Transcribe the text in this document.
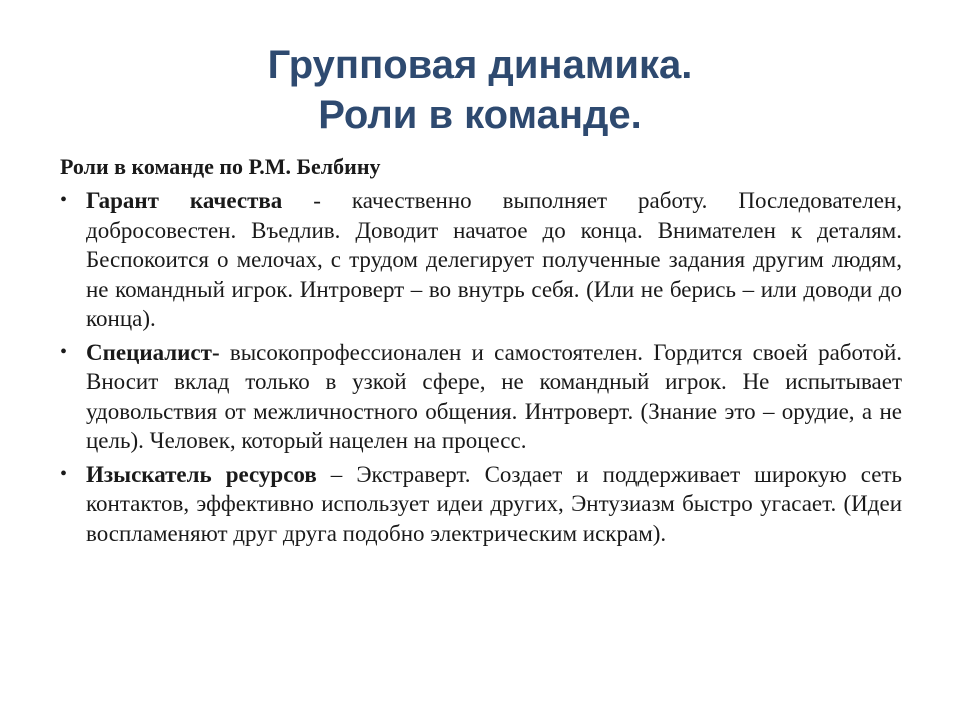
Групповая динамика.
Роли в команде.
Роли в команде по Р.М. Белбину
• Гарант качества - качественно выполняет работу. Последователен, добросовестен. Въедлив. Доводит начатое до конца. Внимателен к деталям. Беспокоится о мелочах, с трудом делегирует полученные задания другим людям, не командный игрок. Интроверт – во внутрь себя. (Или не берись – или доводи до конца).
• Специалист- высокопрофессионален и самостоятелен. Гордится своей работой. Вносит вклад только в узкой сфере, не командный игрок. Не испытывает удовольствия от межличностного общения. Интроверт. (Знание это – орудие, а не цель). Человек, который нацелен на процесс.
• Изыскатель ресурсов – Экстраверт. Создает и поддерживает широкую сеть контактов, эффективно использует идеи других, Энтузиазм быстро угасает. (Идеи воспламеняют друг друга подобно электрическим искрам).
